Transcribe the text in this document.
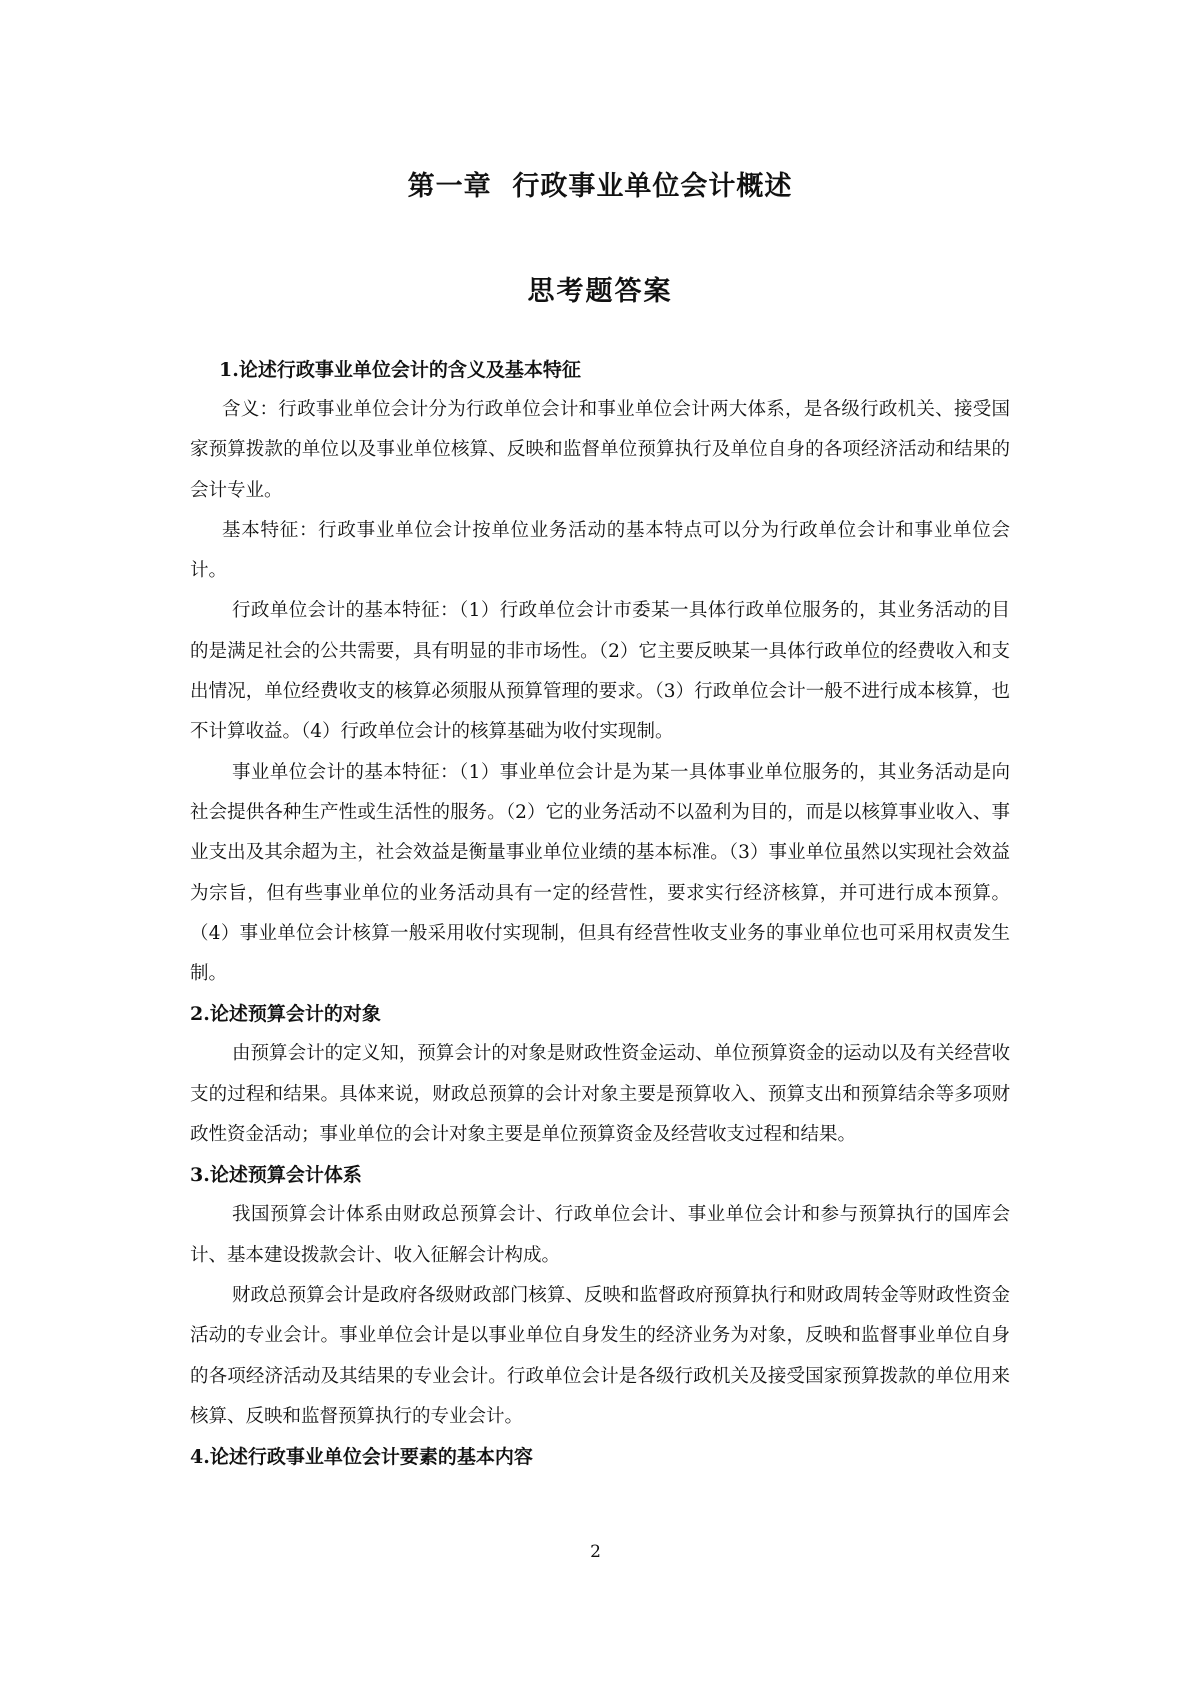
第一章  行政事业单位会计概述
思考题答案

1.论述行政事业单位会计的含义及基本特征

含义：行政事业单位会计分为行政单位会计和事业单位会计两大体系，是各级行政机关、接受国家预算拨款的单位以及事业单位核算、反映和监督单位预算执行及单位自身的各项经济活动和结果的会计专业。

基本特征：行政事业单位会计按单位业务活动的基本特点可以分为行政单位会计和事业单位会计。

行政单位会计的基本特征：（1）行政单位会计市委某一具体行政单位服务的，其业务活动的目的是满足社会的公共需要，具有明显的非市场性。（2）它主要反映某一具体行政单位的经费收入和支出情况，单位经费收支的核算必须服从预算管理的要求。（3）行政单位会计一般不进行成本核算，也不计算收益。（4）行政单位会计的核算基础为收付实现制。

事业单位会计的基本特征：（1）事业单位会计是为某一具体事业单位服务的，其业务活动是向社会提供各种生产性或生活性的服务。（2）它的业务活动不以盈利为目的，而是以核算事业收入、事业支出及其余超为主，社会效益是衡量事业单位业绩的基本标准。（3）事业单位虽然以实现社会效益为宗旨，但有些事业单位的业务活动具有一定的经营性，要求实行经济核算，并可进行成本预算。（4）事业单位会计核算一般采用收付实现制，但具有经营性收支业务的事业单位也可采用权责发生制。

2.论述预算会计的对象

由预算会计的定义知，预算会计的对象是财政性资金运动、单位预算资金的运动以及有关经营收支的过程和结果。具体来说，财政总预算的会计对象主要是预算收入、预算支出和预算结余等多项财政性资金活动；事业单位的会计对象主要是单位预算资金及经营收支过程和结果。

3.论述预算会计体系

我国预算会计体系由财政总预算会计、行政单位会计、事业单位会计和参与预算执行的国库会计、基本建设拨款会计、收入征解会计构成。

财政总预算会计是政府各级财政部门核算、反映和监督政府预算执行和财政周转金等财政性资金活动的专业会计。事业单位会计是以事业单位自身发生的经济业务为对象，反映和监督事业单位自身的各项经济活动及其结果的专业会计。行政单位会计是各级行政机关及接受国家预算拨款的单位用来核算、反映和监督预算执行的专业会计。

4.论述行政事业单位会计要素的基本内容

2
